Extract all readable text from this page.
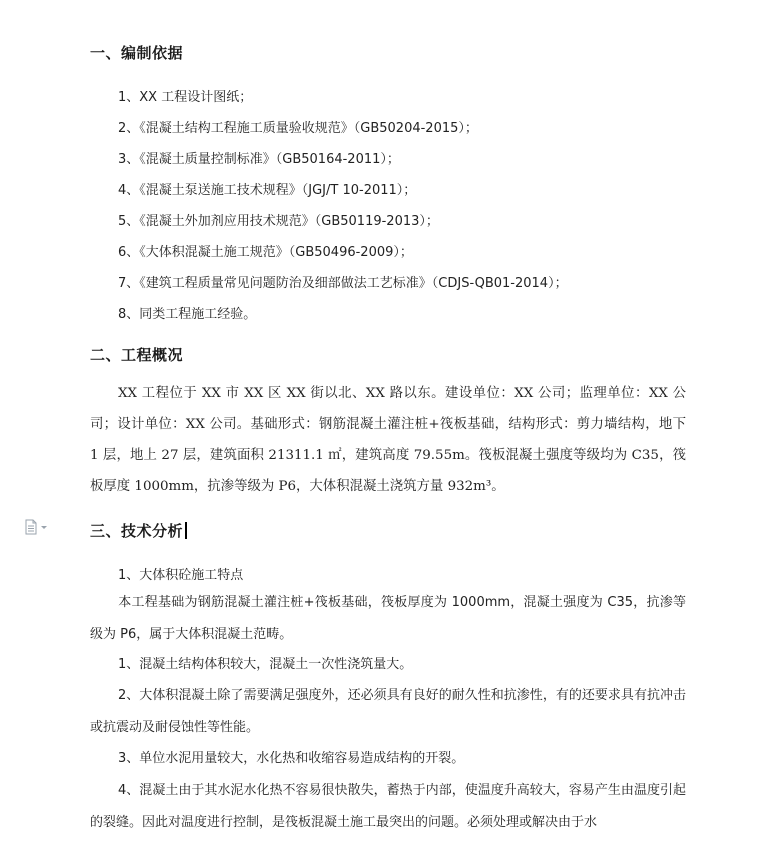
一、编制依据
1、XX 工程设计图纸；
2、《混凝土结构工程施工质量验收规范》（GB50204-2015）；
3、《混凝土质量控制标准》（GB50164-2011）；
4、《混凝土泵送施工技术规程》（JGJ/T 10-2011）；
5、《混凝土外加剂应用技术规范》（GB50119-2013）；
6、《大体积混凝土施工规范》（GB50496-2009）；
7、《建筑工程质量常见问题防治及细部做法工艺标准》（CDJS-QB01-2014）；
8、同类工程施工经验。
二、工程概况
XX 工程位于 XX 市 XX 区 XX 街以北、XX 路以东。建设单位：XX 公司；监理单位：XX 公司；设计单位：XX 公司。基础形式：钢筋混凝土灌注桩+筏板基础，结构形式：剪力墙结构，地下 1 层，地上 27 层，建筑面积 21311.1 ㎡，建筑高度 79.55m。筏板混凝土强度等级均为 C35，筏板厚度 1000mm，抗渗等级为 P6，大体积混凝土浇筑方量 932m³。
三、技术分析
1、大体积砼施工特点
本工程基础为钢筋混凝土灌注桩+筏板基础，筏板厚度为 1000mm，混凝土强度为 C35，抗渗等级为 P6，属于大体积混凝土范畴。
1、混凝土结构体积较大，混凝土一次性浇筑量大。
2、大体积混凝土除了需要满足强度外，还必须具有良好的耐久性和抗渗性，有的还要求具有抗冲击或抗震动及耐侵蚀性等性能。
3、单位水泥用量较大，水化热和收缩容易造成结构的开裂。
4、混凝土由于其水泥水化热不容易很快散失，蓄热于内部，使温度升高较大，容易产生由温度引起的裂缝。因此对温度进行控制，是筏板混凝土施工最突出的问题。必须处理或解决由于水
